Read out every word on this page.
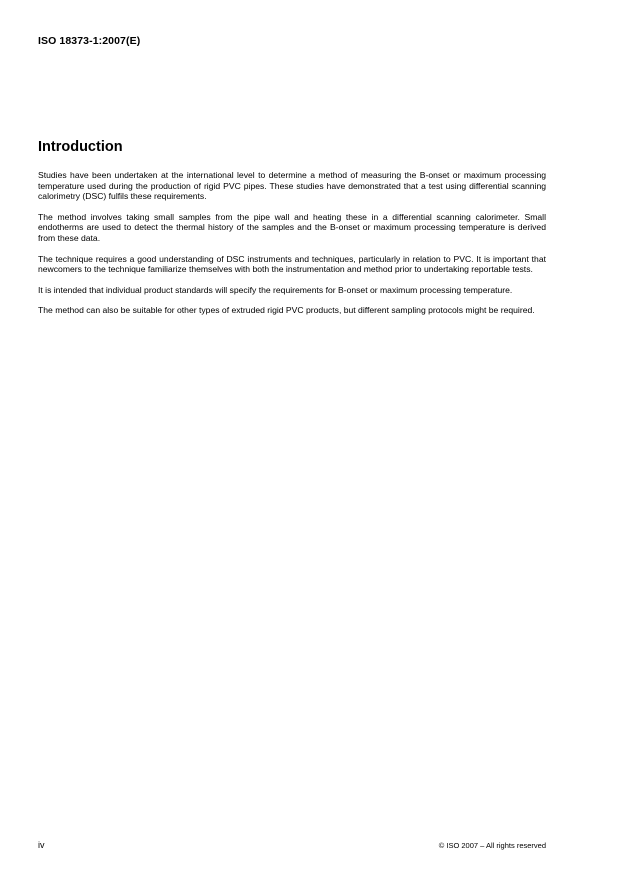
ISO 18373-1:2007(E)
Introduction

Studies have been undertaken at the international level to determine a method of measuring the B-onset or maximum processing temperature used during the production of rigid PVC pipes. These studies have demonstrated that a test using differential scanning calorimetry (DSC) fulfils these requirements.

The method involves taking small samples from the pipe wall and heating these in a differential scanning calorimeter. Small endotherms are used to detect the thermal history of the samples and the B-onset or maximum processing temperature is derived from these data.

The technique requires a good understanding of DSC instruments and techniques, particularly in relation to PVC. It is important that newcomers to the technique familiarize themselves with both the instrumentation and method prior to undertaking reportable tests.

It is intended that individual product standards will specify the requirements for B-onset or maximum processing temperature.

The method can also be suitable for other types of extruded rigid PVC products, but different sampling protocols might be required.

iv	© ISO 2007 – All rights reserved
